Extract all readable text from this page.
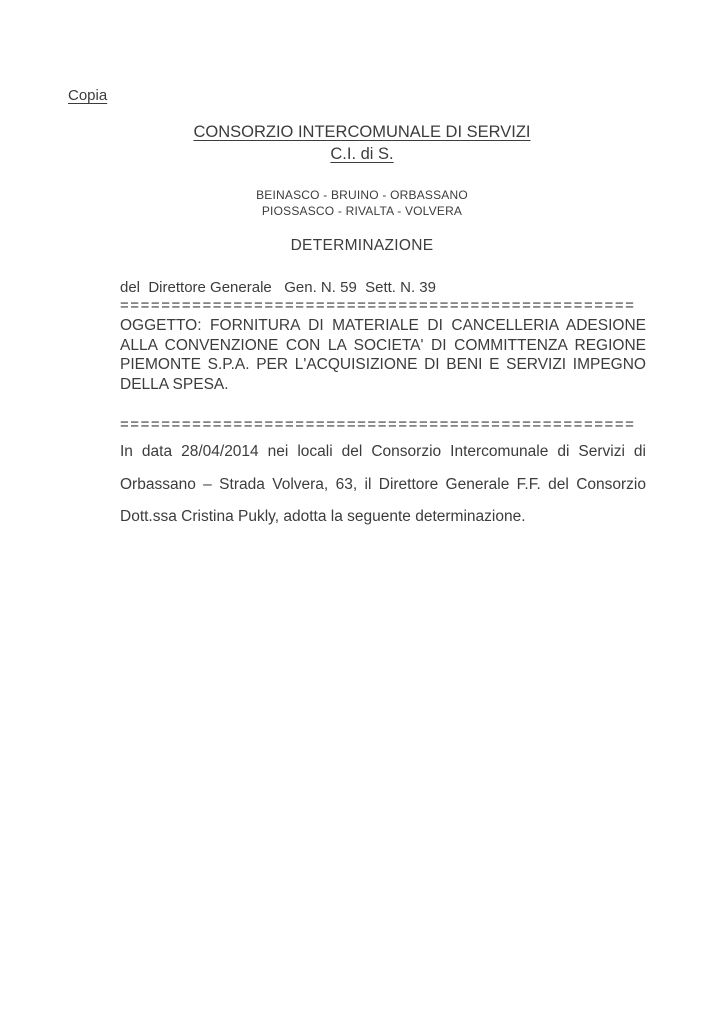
Copia
CONSORZIO INTERCOMUNALE DI SERVIZI
C.I. di S.
BEINASCO - BRUINO - ORBASSANO
PIOSSASCO - RIVALTA - VOLVERA
DETERMINAZIONE
del  Direttore Generale   Gen. N. 59  Sett. N. 39
==================================================
OGGETTO: FORNITURA DI MATERIALE DI CANCELLERIA ADESIONE ALLA CONVENZIONE CON LA SOCIETA' DI COMMITTENZA REGIONE PIEMONTE S.P.A. PER L'ACQUISIZIONE DI BENI E SERVIZI IMPEGNO DELLA SPESA.
==================================================
In data 28/04/2014 nei locali del Consorzio Intercomunale di Servizi di Orbassano – Strada Volvera, 63, il Direttore Generale F.F. del Consorzio Dott.ssa Cristina Pukly, adotta la seguente determinazione.
